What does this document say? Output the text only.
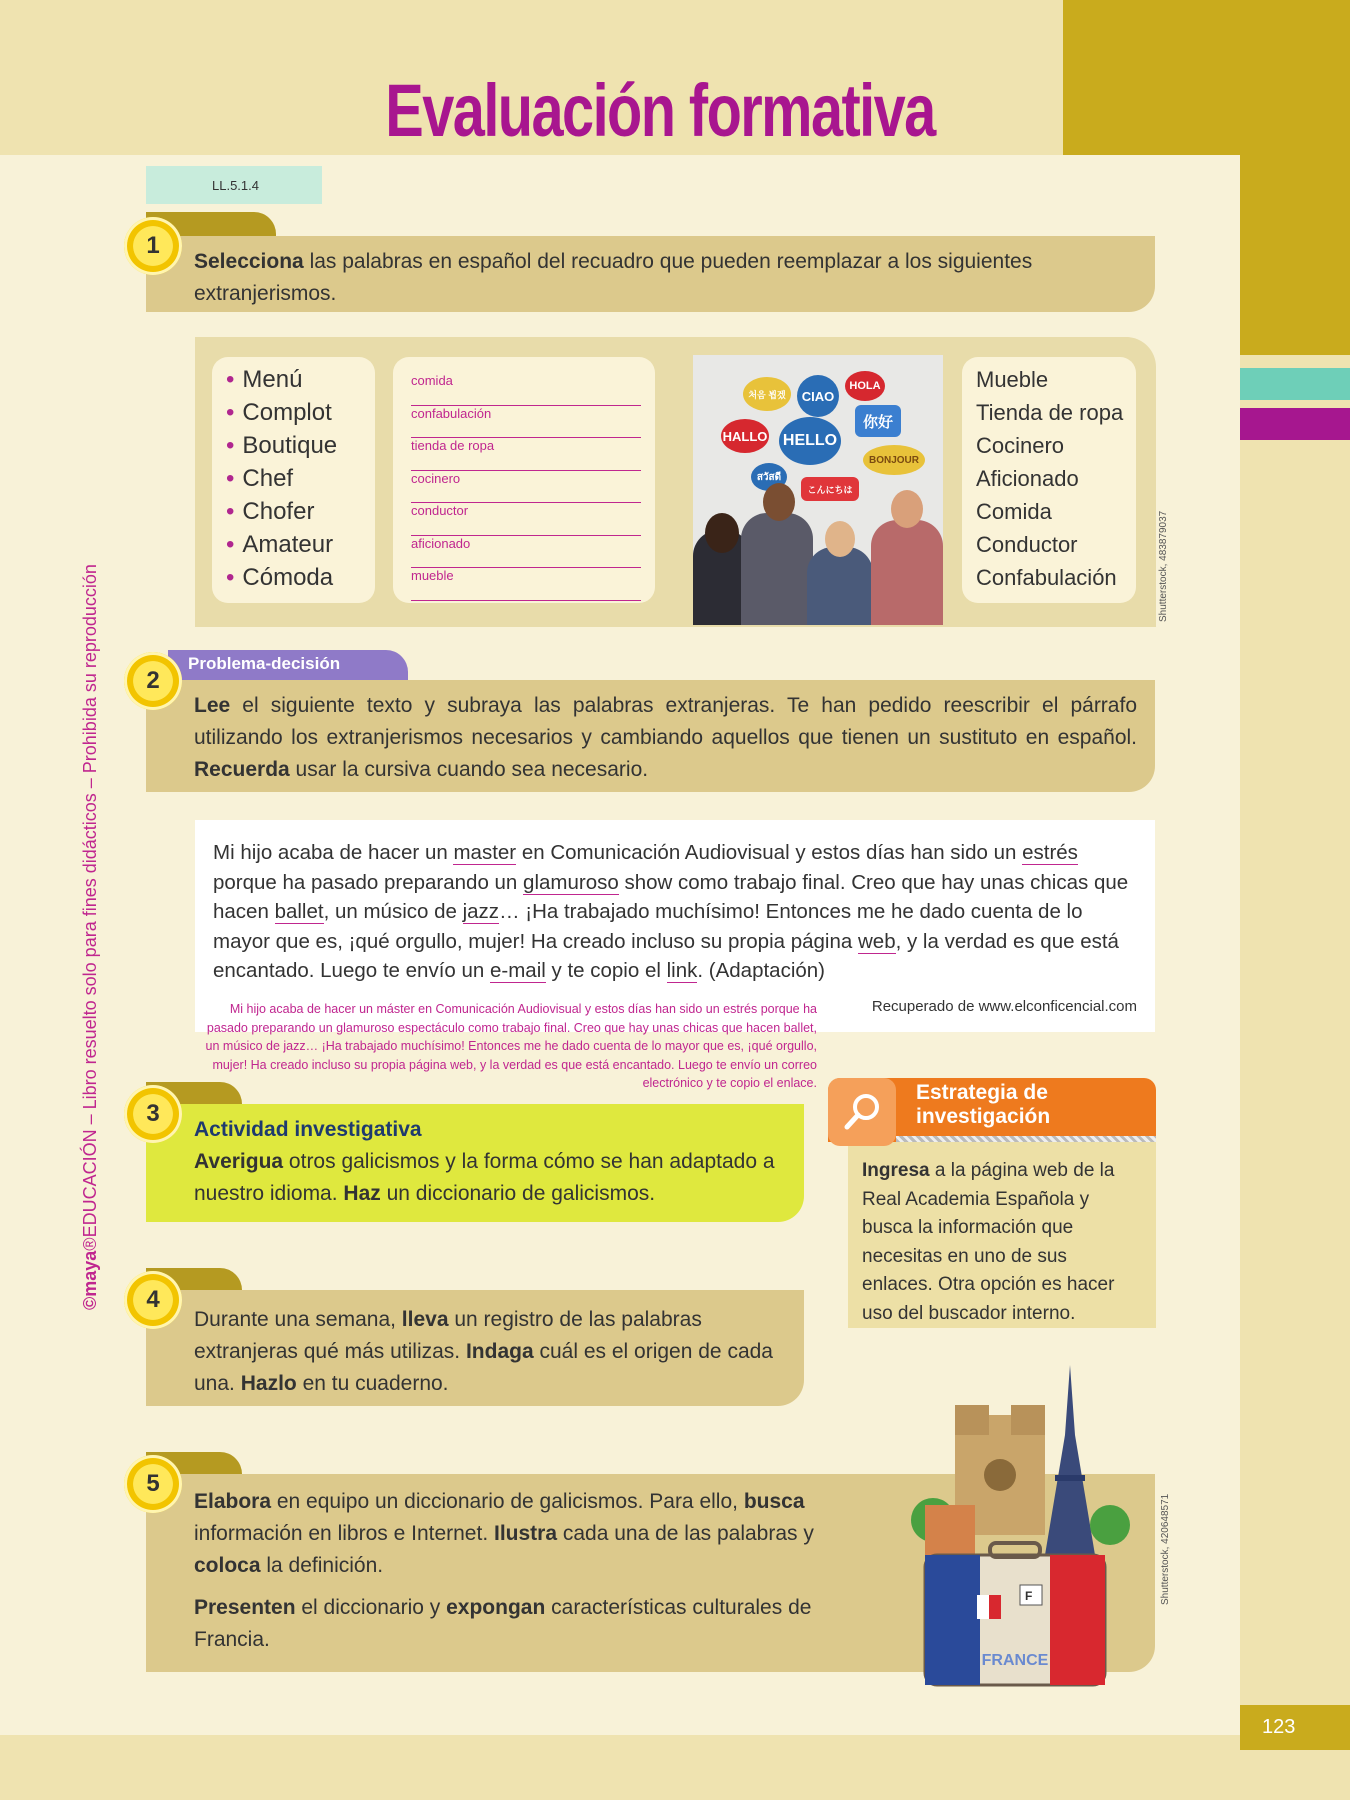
123
Evaluación formativa
LL.5.1.4
©maya®EDUCACIÓN – Libro resuelto solo para fines didácticos – Prohibida su reproducción
Selecciona las palabras en español del recuadro que pueden reemplazar a los siguientes extranjerismos.
1
• Menú
• Complot
• Boutique
• Chef
• Chofer
• Amateur
• Cómoda
comida
confabulación
tienda de ropa
cocinero
conductor
aficionado
mueble
처음 뵙겠	CIAO
HOLA
HALLO HELLO
你好
BONJOUR
สวัสดี
こんにちは
Mueble
Tienda de ropa
Cocinero
Aficionado
Comida
Conductor
Confabulación	Shutterstock, 483879037
Problema-decisión
Lee el siguiente texto y subraya las palabras extranjeras. Te han pedido reescribir el párrafo utilizando los extranjerismos necesarios y cambiando aquellos que tienen un sustituto en español. Recuerda usar la cursiva cuando sea necesario.
2

Mi hijo acaba de hacer un master en Comunicación Audiovisual y estos días han sido un estrés porque ha pasado preparando un glamuroso show como trabajo final. Creo que hay unas chicas que hacen ballet, un músico de jazz… ¡Ha trabajado muchísimo! Entonces me he dado cuenta de lo mayor que es, ¡qué orgullo, mujer! Ha creado incluso su propia página web, y la verdad es que está encantado. Luego te envío un e-mail y te copio el link. (Adaptación)

Recuperado de www.elconficencial.com
Mi hijo acaba de hacer un máster en Comunicación Audiovisual y estos días han sido un estrés porque ha pasado preparando un glamuroso espectáculo como trabajo final. Creo que hay unas chicas que hacen ballet, un músico de jazz… ¡Ha trabajado muchísimo! Entonces me he dado cuenta de lo mayor que es, ¡qué orgullo, mujer! Ha creado incluso su propia página web, y la verdad es que está encantado. Luego te envío un correo electrónico y te copio el enlace.
Actividad investigativa
Averigua otros galicismos y la forma cómo se han adaptado a nuestro idioma. Haz un diccionario de galicismos.
3
Ingresa a la página web de la Real Academia Española y busca la información que necesitas en uno de sus enlaces. Otra opción es hacer uso del buscador interno.
Estrategia de investigación
Durante una semana, lleva un registro de las palabras extranjeras qué más utilizas. Indaga cuál es el origen de cada una. Hazlo en tu cuaderno.
4
Elabora en equipo un diccionario de galicismos. Para ello, busca información en libros e Internet. Ilustra cada una de las palabras y coloca la definición.
Presenten el diccionario y expongan características culturales de Francia.
5
F
FRANCE
Shutterstock, 420648571
